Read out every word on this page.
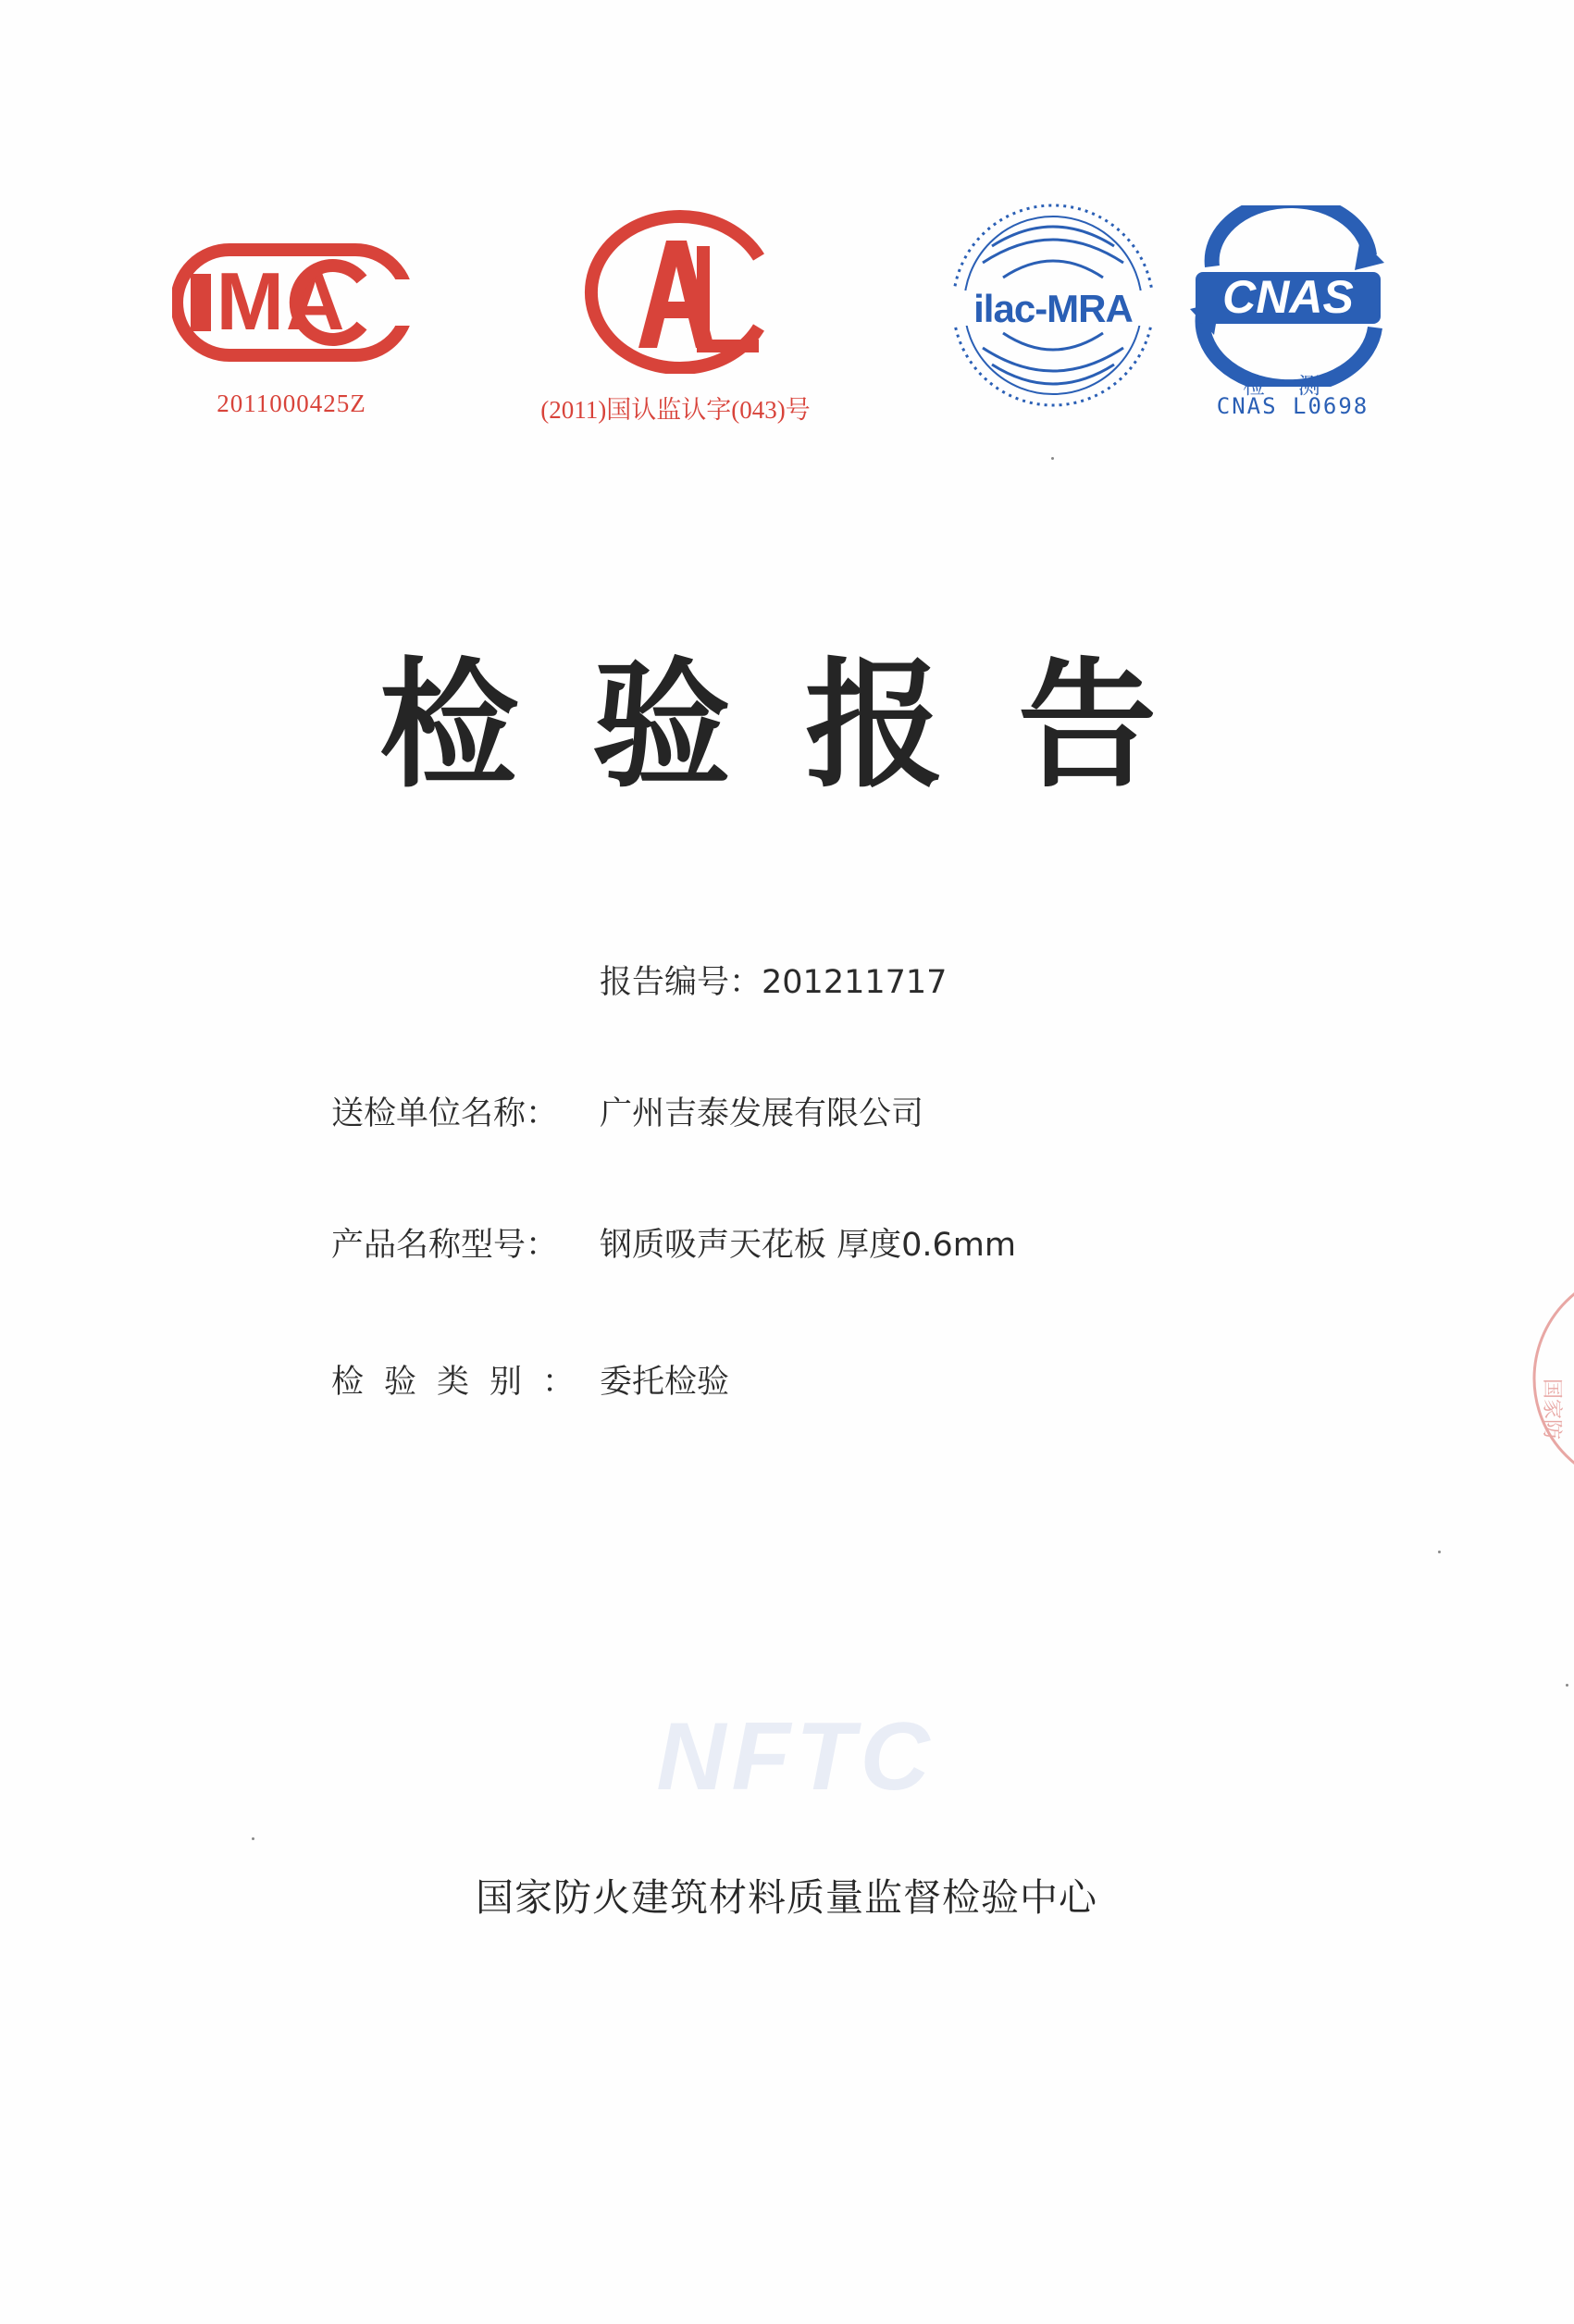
MA
2011000425Z	(2011)国认监认字(043)号
ilac-MRA CNAS
检 测
CNAS L0698
检验报告
报告编号：201211717
送检单位名称： 广州吉泰发展有限公司
产品名称型号： 钢质吸声天花板 厚度0.6mm
检验类别： 委托检验
NFTC
国家防火建筑材料质量监督检验中心
国家防
